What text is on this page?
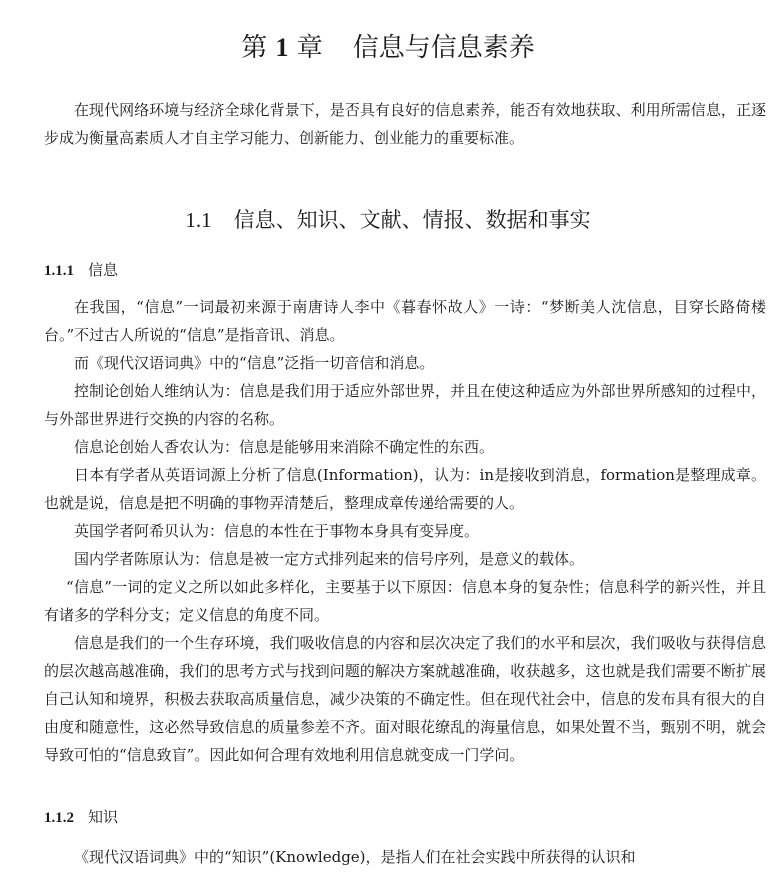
第 1 章 信息与信息素养

在现代网络环境与经济全球化背景下，是否具有良好的信息素养，能否有效地获取、利用所需信息，正逐步成为衡量高素质人才自主学习能力、创新能力、创业能力的重要标准。

1.1 信息、知识、文献、情报、数据和事实
1.1.1 信息

在我国，“信息”一词最初来源于南唐诗人李中《暮春怀故人》一诗：“梦断美人沈信息，目穿长路倚楼台。”不过古人所说的“信息”是指音讯、消息。

而《现代汉语词典》中的“信息”泛指一切音信和消息。

控制论创始人维纳认为：信息是我们用于适应外部世界，并且在使这种适应为外部世界所感知的过程中，与外部世界进行交换的内容的名称。

信息论创始人香农认为：信息是能够用来消除不确定性的东西。

日本有学者从英语词源上分析了信息(Information)，认为：in是接收到消息，formation是整理成章。也就是说，信息是把不明确的事物弄清楚后，整理成章传递给需要的人。

英国学者阿希贝认为：信息的本性在于事物本身具有变异度。

国内学者陈原认为：信息是被一定方式排列起来的信号序列，是意义的载体。

“信息”一词的定义之所以如此多样化，主要基于以下原因：信息本身的复杂性；信息科学的新兴性，并且有诸多的学科分支；定义信息的角度不同。

信息是我们的一个生存环境，我们吸收信息的内容和层次决定了我们的水平和层次，我们吸收与获得信息的层次越高越准确，我们的思考方式与找到问题的解决方案就越准确，收获越多，这也就是我们需要不断扩展自己认知和境界，积极去获取高质量信息，减少决策的不确定性。但在现代社会中，信息的发布具有很大的自由度和随意性，这必然导致信息的质量参差不齐。面对眼花缭乱的海量信息，如果处置不当，甄别不明，就会导致可怕的“信息致盲”。因此如何合理有效地利用信息就变成一门学问。

1.1.2 知识

《现代汉语词典》中的“知识”(Knowledge)，是指人们在社会实践中所获得的认识和
